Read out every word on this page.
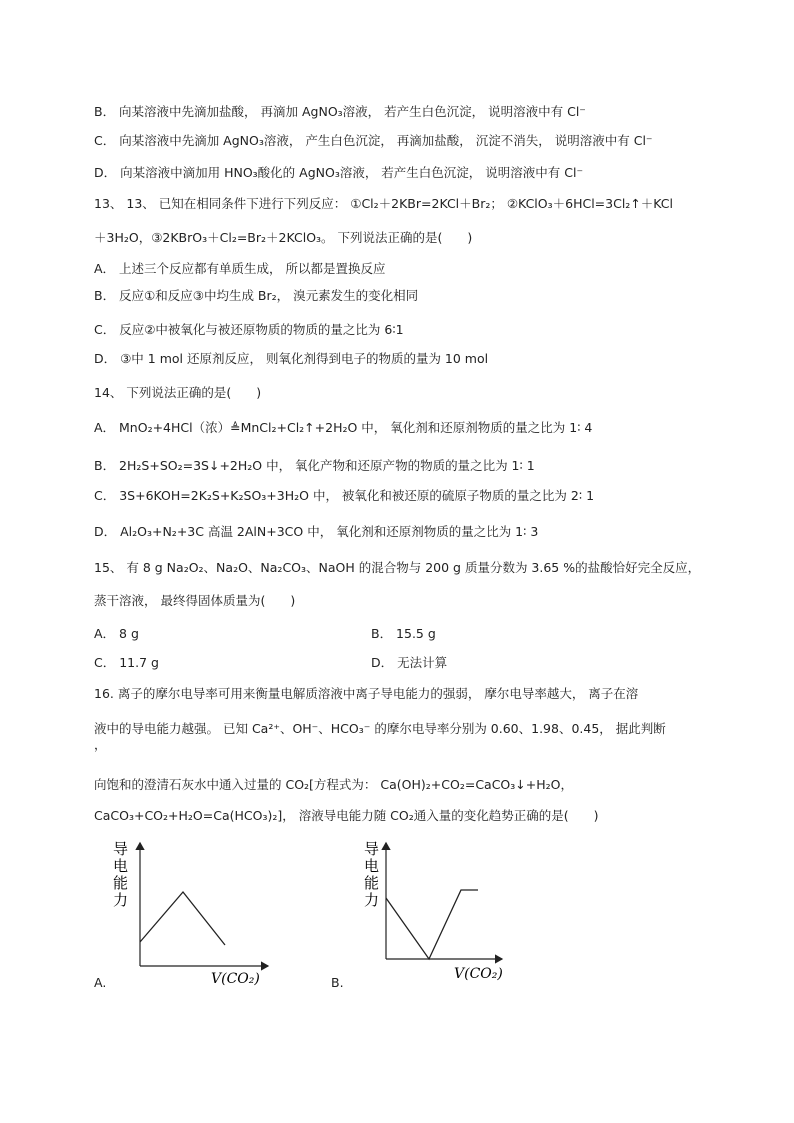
B． 向某溶液中先滴加盐酸， 再滴加 AgNO₃溶液， 若产生白色沉淀， 说明溶液中有 Cl⁻
C． 向某溶液中先滴加 AgNO₃溶液， 产生白色沉淀， 再滴加盐酸， 沉淀不消失， 说明溶液中有 Cl⁻
D． 向某溶液中滴加用 HNO₃酸化的 AgNO₃溶液， 若产生白色沉淀， 说明溶液中有 Cl⁻
13、 13、 已知在相同条件下进行下列反应： ①Cl₂＋2KBr=2KCl＋Br₂； ②KClO₃＋6HCl=3Cl₂↑＋KCl
＋3H₂O，③2KBrO₃＋Cl₂=Br₂＋2KClO₃。 下列说法正确的是(　　)
A． 上述三个反应都有单质生成， 所以都是置换反应
B． 反应①和反应③中均生成 Br₂， 溴元素发生的变化相同
C． 反应②中被氧化与被还原物质的物质的量之比为 6∶1
D． ③中 1 mol 还原剂反应， 则氧化剂得到电子的物质的量为 10 mol
14、 下列说法正确的是(　　)
A． MnO₂+4HCl（浓）≜MnCl₂+Cl₂↑+2H₂O 中， 氧化剂和还原剂物质的量之比为 1∶ 4
B． 2H₂S+SO₂=3S↓+2H₂O 中， 氧化产物和还原产物的物质的量之比为 1∶ 1
C． 3S+6KOH=2K₂S+K₂SO₃+3H₂O 中， 被氧化和被还原的硫原子物质的量之比为 2∶ 1
D． Al₂O₃+N₂+3C 高温 2AlN+3CO 中， 氧化剂和还原剂物质的量之比为 1∶ 3
15、 有 8 g Na₂O₂、Na₂O、Na₂CO₃、NaOH 的混合物与 200 g 质量分数为 3.65 %的盐酸恰好完全反应，
蒸干溶液， 最终得固体质量为(　　)
A． 8 g	B． 15.5 g
C． 11.7 g	D． 无法计算
16. 离子的摩尔电导率可用来衡量电解质溶液中离子导电能力的强弱， 摩尔电导率越大， 离子在溶
液中的导电能力越强。 已知 Ca²⁺、OH⁻、HCO₃⁻ 的摩尔电导率分别为 0.60、1.98、0.45， 据此判断
，
向饱和的澄清石灰水中通入过量的 CO₂[方程式为： Ca(OH)₂+CO₂=CaCO₃↓+H₂O，
CaCO₃+CO₂+H₂O=Ca(HCO₃)₂]， 溶液导电能力随 CO₂通入量的变化趋势正确的是(　　)
导
电
能
力
V(CO₂)
A.
导
电
能
力
V(CO₂)
B.
